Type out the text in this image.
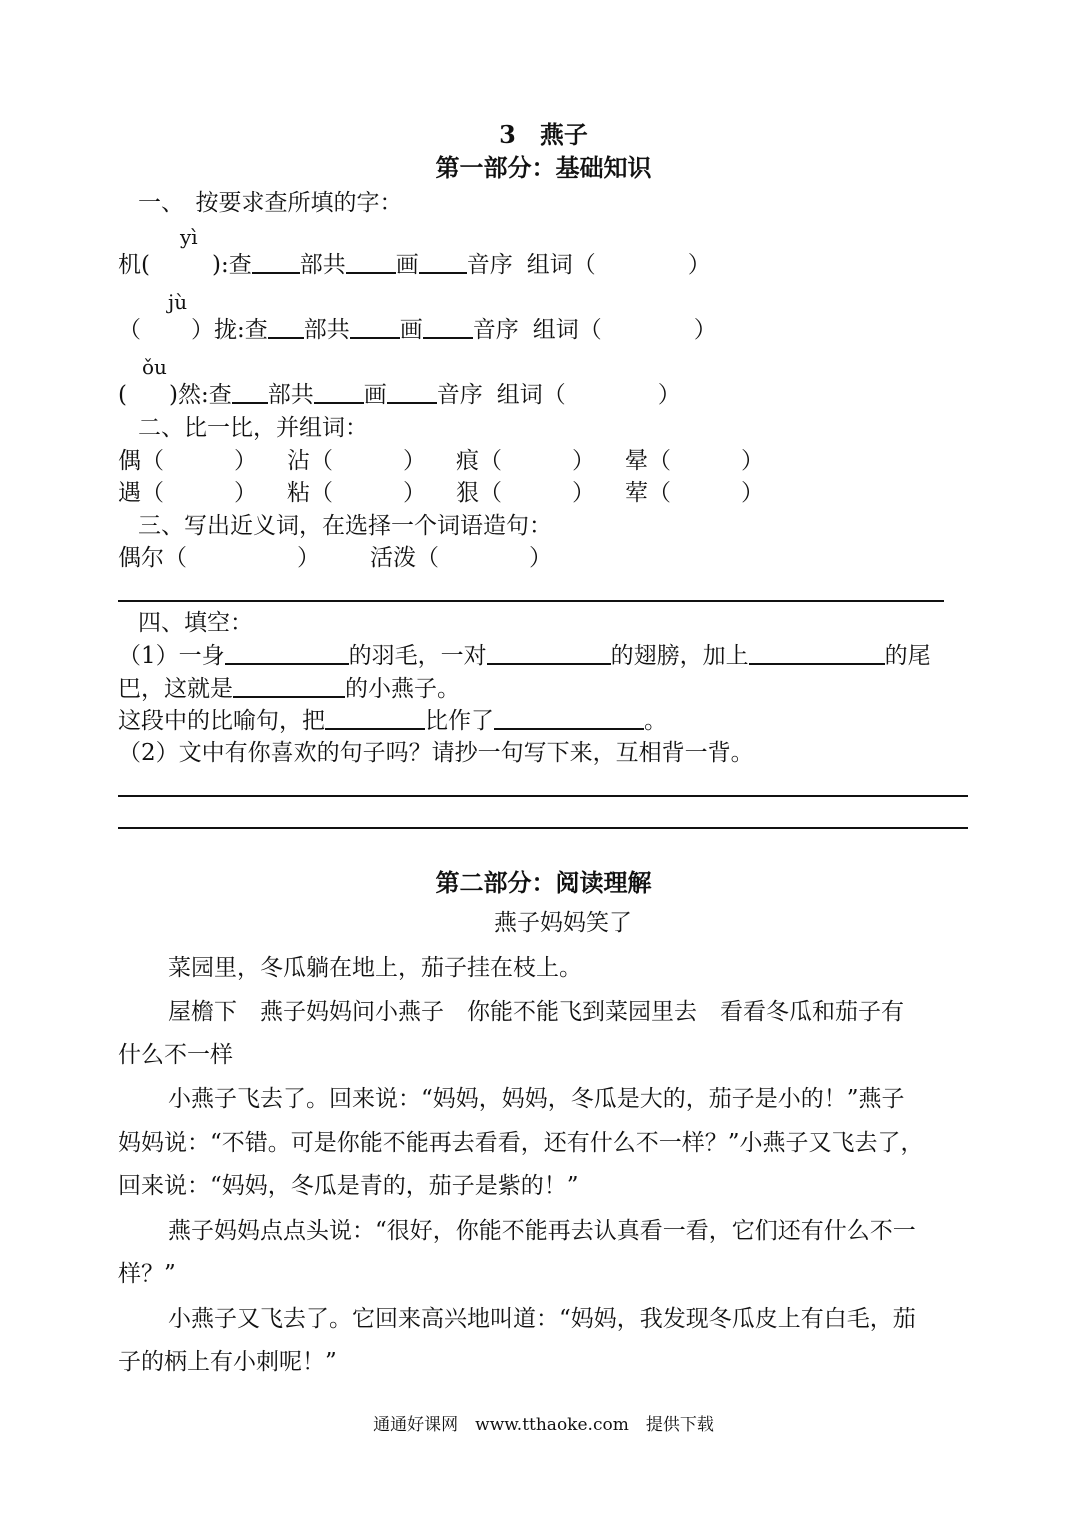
3　燕子
第一部分：基础知识
一、　按要求查所填的字：
yì
机(	):查 部共 画 音序 组词（	）
jù
（ ）拢:查 部共 画 音序 组词（	）
ǒu
( )然:查 部共 画 音序 组词（	）
二、比一比，并组词：
偶（	） 沾（	） 痕（	） 晕（	）
遇（	） 粘（	） 狠（	） 荤（	）
三、写出近义词，在选择一个词语造句：
偶尔（	） 活泼（	）
四、填空：
（1）一身	的羽毛，一对	的翅膀，加上	的尾
巴，这就是	的小燕子。
这段中的比喻句，把	比作了	。
（2）文中有你喜欢的句子吗？请抄一句写下来，互相背一背。
第二部分：阅读理解
燕子妈妈笑了
菜园里，冬瓜躺在地上，茄子挂在枝上。
屋檐下　燕子妈妈问小燕子　你能不能飞到菜园里去　看看冬瓜和茄子有
什么不一样
小燕子飞去了。回来说：“妈妈，妈妈，冬瓜是大的，茄子是小的！”燕子
妈妈说：“不错。可是你能不能再去看看，还有什么不一样？”小燕子又飞去了，
回来说：“妈妈，冬瓜是青的，茄子是紫的！”
燕子妈妈点点头说：“很好，你能不能再去认真看一看，它们还有什么不一
样？”
小燕子又飞去了。它回来高兴地叫道：“妈妈，我发现冬瓜皮上有白毛，茄
子的柄上有小刺呢！”
通通好课网　www.tthaoke.com　提供下载
